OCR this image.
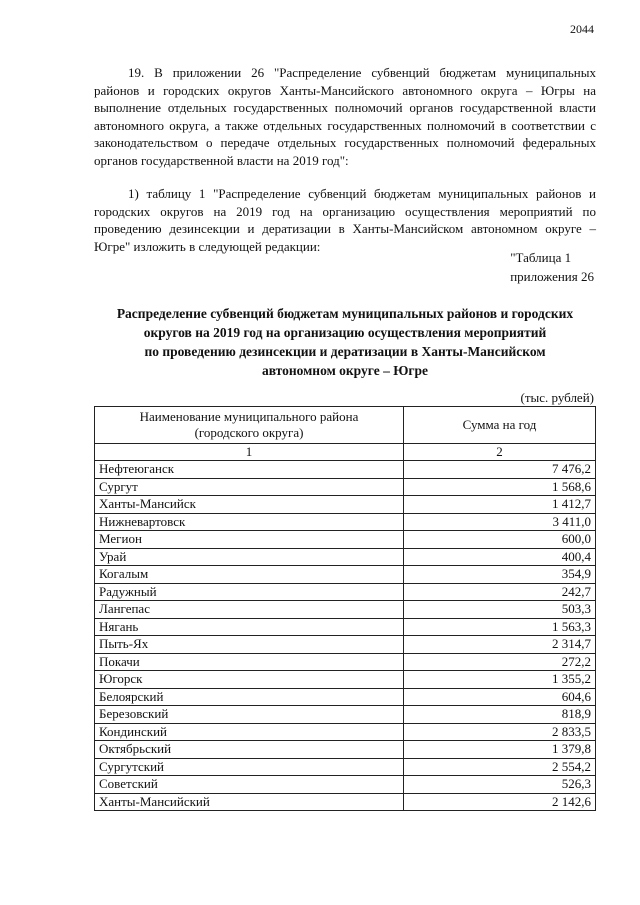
2044

19. В приложении 26 "Распределение субвенций бюджетам муниципальных районов и городских округов Ханты-Мансийского автономного округа – Югры на выполнение отдельных государственных полномочий органов государственной власти автономного округа, а также отдельных государственных полномочий в соответствии с законодательством о передаче отдельных государственных полномочий федеральных органов государственной власти на 2019 год":

1) таблицу 1 "Распределение субвенций бюджетам муниципальных районов и городских округов на 2019 год на организацию осуществления мероприятий по проведению дезинсекции и дератизации в Ханты-Мансийском автономном округе – Югре" изложить в следующей редакции:

"Таблица 1
приложения 26
Распределение субвенций бюджетам муниципальных районов и городских
округов на 2019 год на организацию осуществления мероприятий
по проведению дезинсекции и дератизации в Ханты-Мансийском
автономном округе – Югре
(тыс. рублей)
Наименование муниципального района
(городского округа)	Сумма на год
1	2
Нефтеюганск	7 476,2
Сургут	1 568,6
Ханты-Мансийск	1 412,7
Нижневартовск	3 411,0
Мегион	600,0
Урай	400,4
Когалым	354,9
Радужный	242,7
Лангепас	503,3
Нягань	1 563,3
Пыть-Ях	2 314,7
Покачи	272,2
Югорск	1 355,2
Белоярский	604,6
Березовский	818,9
Кондинский	2 833,5
Октябрьский	1 379,8
Сургутский	2 554,2
Советский	526,3
Ханты-Мансийский	2 142,6
